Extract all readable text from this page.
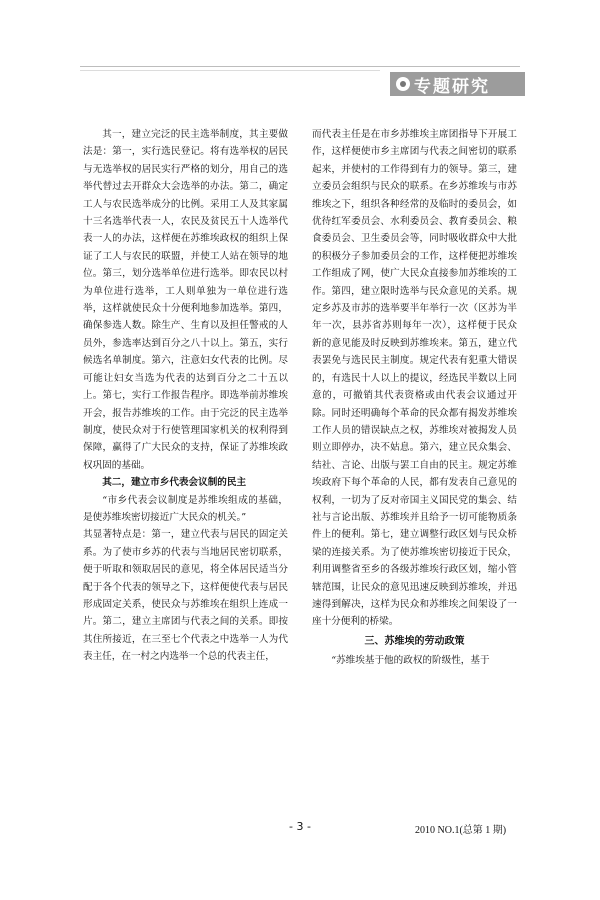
专题研究

其一，建立完泛的民主选举制度，其主要做法是：第一，实行选民登记。将有选举权的居民与无选举权的居民实行严格的划分，用自己的选举代替过去开群众大会选举的办法。第二，确定工人与农民选举成分的比例。采用工人及其家属十三名选举代表一人，农民及贫民五十人选举代表一人的办法，这样便在苏维埃政权的组织上保证了工人与农民的联盟，并使工人站在领导的地位。第三，划分选举单位进行选举。即农民以村为单位进行选举，工人则单独为一单位进行选举，这样就使民众十分便利地参加选举。第四，确保参选人数。除生产、生育以及担任警戒的人员外，参选率达到百分之八十以上。第五，实行候选名单制度。第六，注意妇女代表的比例。尽可能让妇女当选为代表的达到百分之二十五以上。第七，实行工作报告程序。即选举前苏维埃开会，报告苏维埃的工作。由于完泛的民主选举制度，使民众对于行使管理国家机关的权利得到保障，赢得了广大民众的支持，保证了苏维埃政权巩固的基础。

其二，建立市乡代表会议制的民主

“市乡代表会议制度是苏维埃组成的基础，是使苏维埃密切接近广大民众的机关。”

其显著特点是：第一，建立代表与居民的固定关系。为了使市乡苏的代表与当地居民密切联系，便于听取和领取居民的意见，将全体居民适当分配于各个代表的领导之下，这样便使代表与居民形成固定关系，使民众与苏维埃在组织上连成一片。第二，建立主席团与代表之间的关系。即按其住所接近，在三至七个代表之中选举一人为代表主任，在一村之内选举一个总的代表主任，

而代表主任是在市乡苏维埃主席团指导下开展工作，这样便使市乡主席团与代表之间密切的联系起来，并使村的工作得到有力的领导。第三，建立委员会组织与民众的联系。在乡苏维埃与市苏维埃之下，组织各种经常的及临时的委员会，如优待红军委员会、水利委员会、教育委员会、粮食委员会、卫生委员会等，同时吸收群众中大批的积极分子参加委员会的工作，这样便把苏维埃工作组成了网，使广大民众直接参加苏维埃的工作。第四，建立限时选举与民众意见的关系。规定乡苏及市苏的选举要半年举行一次（区苏为半年一次，县苏省苏则每年一次），这样便于民众新的意见能及时反映到苏维埃来。第五，建立代表罢免与选民民主制度。规定代表有犯重大错误的，有选民十人以上的提议，经选民半数以上同意的，可撤销其代表资格或由代表会议通过开除。同时还明确每个革命的民众都有揭发苏维埃工作人员的错误缺点之权，苏维埃对被揭发人员则立即停办，决不姑息。第六，建立民众集会、结社、言论、出版与罢工自由的民主。规定苏维埃政府下每个革命的人民，都有发表自己意见的权利，一切为了反对帝国主义国民党的集会、结社与言论出版、苏维埃并且给予一切可能物质条件上的便利。第七，建立调整行政区划与民众桥梁的连接关系。为了使苏维埃密切接近于民众，利用调整省至乡的各级苏维埃行政区划，缩小管辖范围，让民众的意见迅速反映到苏维埃，并迅速得到解决，这样为民众和苏维埃之间架设了一座十分便利的桥梁。

三、苏维埃的劳动政策

“苏维埃基于他的政权的阶级性，基于

- 3 -	2010 NO.1(总第 1 期)
